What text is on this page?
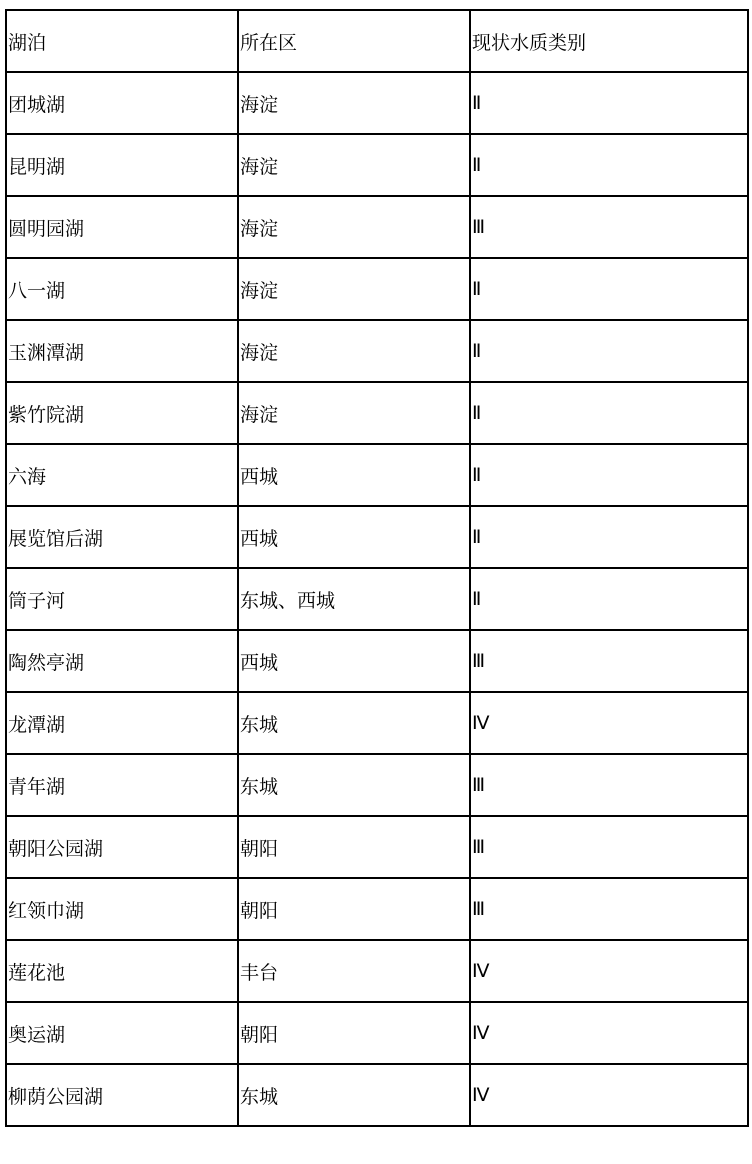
湖泊	所在区	现状水质类别
团城湖	海淀	Ⅱ
昆明湖	海淀	Ⅱ
圆明园湖	海淀	Ⅲ
八一湖	海淀	Ⅱ
玉渊潭湖	海淀	Ⅱ
紫竹院湖	海淀	Ⅱ
六海	西城	Ⅱ
展览馆后湖	西城	Ⅱ
筒子河	东城、西城	Ⅱ
陶然亭湖	西城	Ⅲ
龙潭湖	东城	Ⅳ
青年湖	东城	Ⅲ
朝阳公园湖	朝阳	Ⅲ
红领巾湖	朝阳	Ⅲ
莲花池	丰台	Ⅳ
奥运湖	朝阳	Ⅳ
柳荫公园湖	东城	Ⅳ
